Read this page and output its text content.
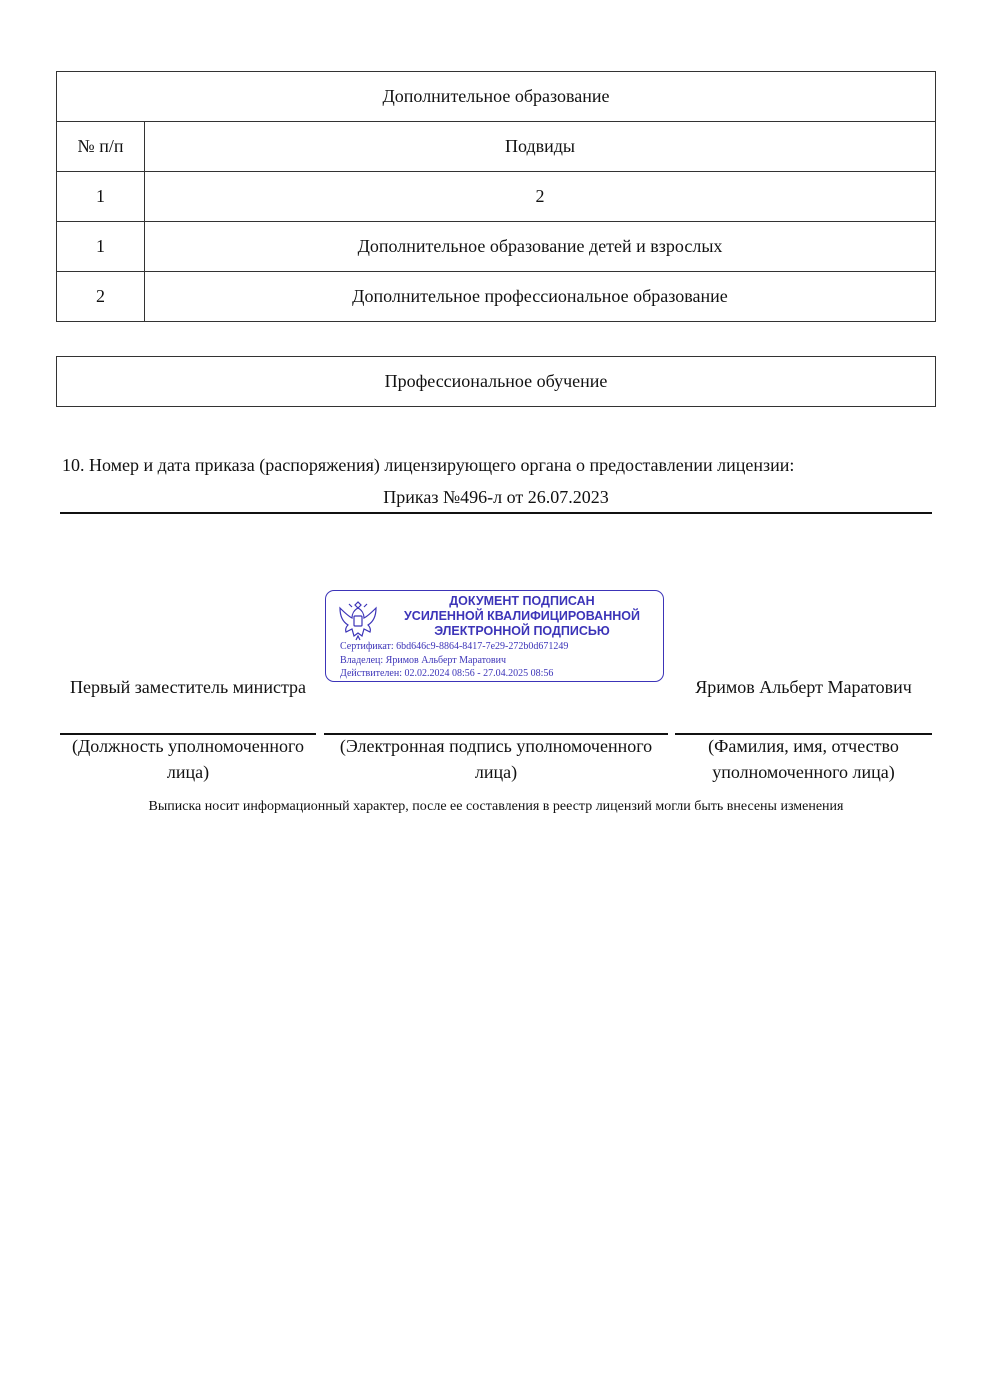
Дополнительное образование	
№ п/п	Подвиды
1	2
1	Дополнительное образование детей и взрослых
2	Дополнительное профессиональное образование
Профессиональное обучение
10. Номер и дата приказа (распоряжения) лицензирующего органа о предоставлении лицензии:
Приказ №496-л от 26.07.2023
ДОКУМЕНТ ПОДПИСАН
УСИЛЕННОЙ КВАЛИФИЦИРОВАННОЙ
ЭЛЕКТРОННОЙ ПОДПИСЬЮ
Сертификат: 6bd646c9-8864-8417-7e29-272b0d671249
Владелец: Яримов Альберт Маратович
Действителен: 02.02.2024 08:56 - 27.04.2025 08:56
Первый заместитель министра	Яримов Альберт Маратович
(Должность уполномоченного лица)
(Электронная подпись уполномоченного лица)
(Фамилия, имя, отчество уполномоченного лица)
Выписка носит информационный характер, после ее составления в реестр лицензий могли быть внесены изменения
